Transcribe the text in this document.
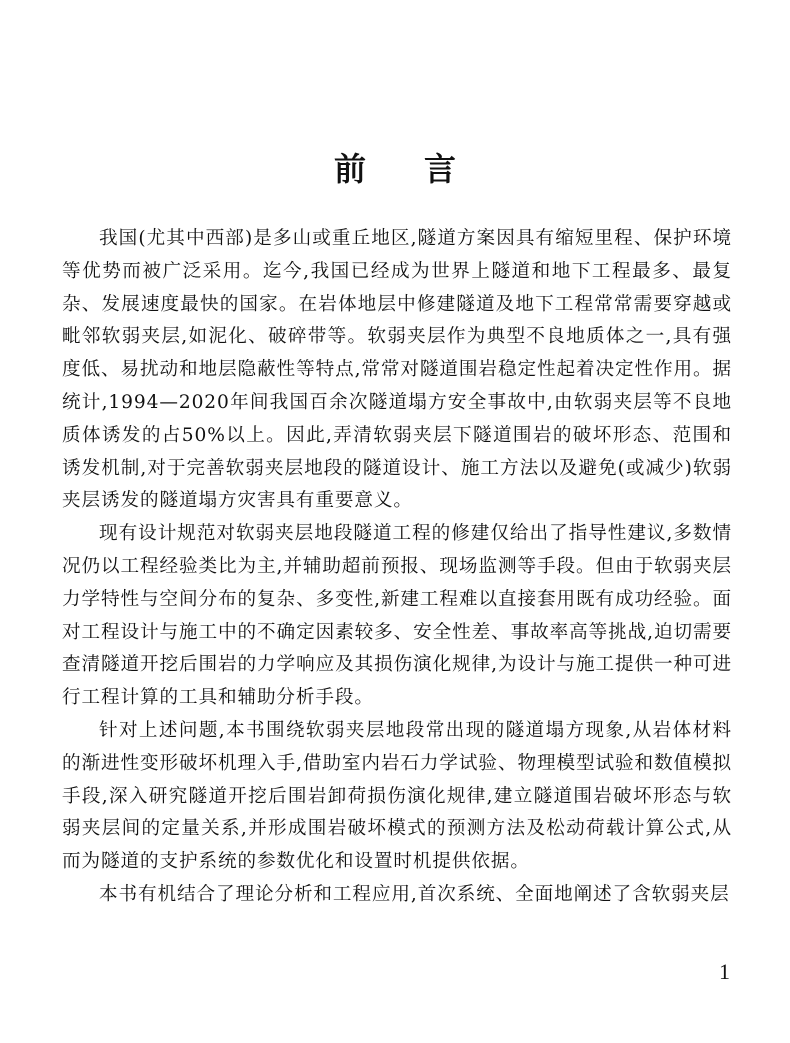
前言

我国(尤其中西部)是多山或重丘地区,隧道方案因具有缩短里程、保护环境等优势而被广泛采用。迄今,我国已经成为世界上隧道和地下工程最多、最复杂、发展速度最快的国家。在岩体地层中修建隧道及地下工程常常需要穿越或毗邻软弱夹层,如泥化、破碎带等。软弱夹层作为典型不良地质体之一,具有强度低、易扰动和地层隐蔽性等特点,常常对隧道围岩稳定性起着决定性作用。据统计,1994—2020年间我国百余次隧道塌方安全事故中,由软弱夹层等不良地质体诱发的占50%以上。因此,弄清软弱夹层下隧道围岩的破坏形态、范围和诱发机制,对于完善软弱夹层地段的隧道设计、施工方法以及避免(或减少)软弱夹层诱发的隧道塌方灾害具有重要意义。

现有设计规范对软弱夹层地段隧道工程的修建仅给出了指导性建议,多数情况仍以工程经验类比为主,并辅助超前预报、现场监测等手段。但由于软弱夹层力学特性与空间分布的复杂、多变性,新建工程难以直接套用既有成功经验。面对工程设计与施工中的不确定因素较多、安全性差、事故率高等挑战,迫切需要查清隧道开挖后围岩的力学响应及其损伤演化规律,为设计与施工提供一种可进行工程计算的工具和辅助分析手段。

针对上述问题,本书围绕软弱夹层地段常出现的隧道塌方现象,从岩体材料的渐进性变形破坏机理入手,借助室内岩石力学试验、物理模型试验和数值模拟手段,深入研究隧道开挖后围岩卸荷损伤演化规律,建立隧道围岩破坏形态与软弱夹层间的定量关系,并形成围岩破坏模式的预测方法及松动荷载计算公式,从而为隧道的支护系统的参数优化和设置时机提供依据。

本书有机结合了理论分析和工程应用,首次系统、全面地阐述了含软弱夹层

1
